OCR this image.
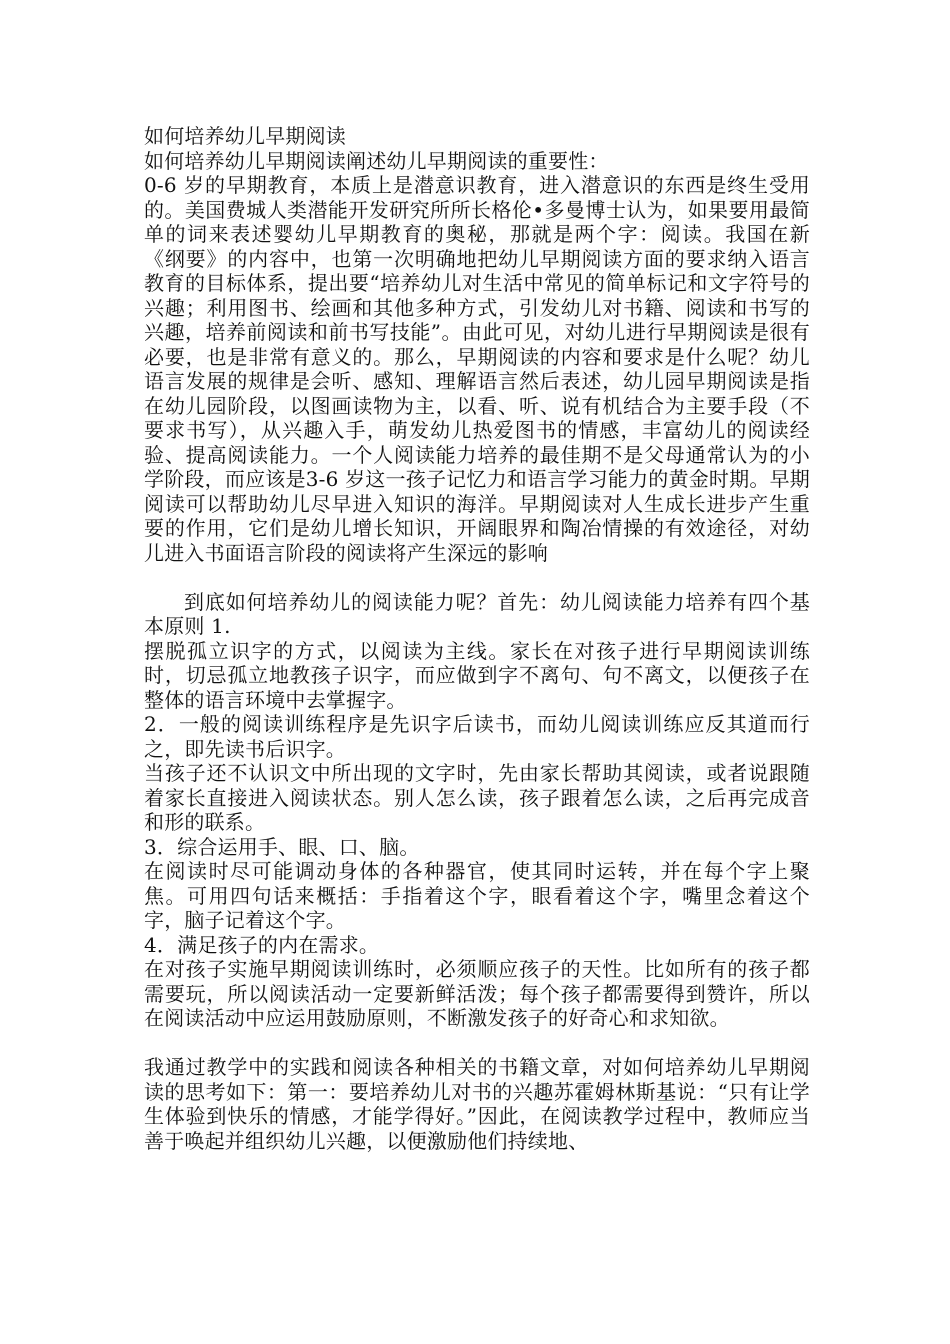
如何培养幼儿早期阅读

如何培养幼儿早期阅读阐述幼儿早期阅读的重要性：

0-6 岁的早期教育，本质上是潜意识教育，进入潜意识的东西是终生受用的。美国费城人类潜能开发研究所所长格伦•多曼博士认为，如果要用最简单的词来表述婴幼儿早期教育的奥秘，那就是两个字：阅读。我国在新《纲要》的内容中，也第一次明确地把幼儿早期阅读方面的要求纳入语言教育的目标体系，提出要“培养幼儿对生活中常见的简单标记和文字符号的兴趣；利用图书、绘画和其他多种方式，引发幼儿对书籍、阅读和书写的兴趣，培养前阅读和前书写技能”。由此可见，对幼儿进行早期阅读是很有必要，也是非常有意义的。那么，早期阅读的内容和要求是什么呢？幼儿语言发展的规律是会听、感知、理解语言然后表述，幼儿园早期阅读是指在幼儿园阶段，以图画读物为主，以看、听、说有机结合为主要手段（不要求书写），从兴趣入手，萌发幼儿热爱图书的情感，丰富幼儿的阅读经验、提高阅读能力。一个人阅读能力培养的最佳期不是父母通常认为的小学阶段，而应该是3-6 岁这一孩子记忆力和语言学习能力的黄金时期。早期阅读可以帮助幼儿尽早进入知识的海洋。早期阅读对人生成长进步产生重要的作用，它们是幼儿增长知识，开阔眼界和陶冶情操的有效途径，对幼儿进入书面语言阶段的阅读将产生深远的影响

到底如何培养幼儿的阅读能力呢？首先：幼儿阅读能力培养有四个基本原则 1.

摆脱孤立识字的方式，以阅读为主线。家长在对孩子进行早期阅读训练时，切忌孤立地教孩子识字，而应做到字不离句、句不离文，以便孩子在整体的语言环境中去掌握字。

2．一般的阅读训练程序是先识字后读书，而幼儿阅读训练应反其道而行之，即先读书后识字。

当孩子还不认识文中所出现的文字时，先由家长帮助其阅读，或者说跟随着家长直接进入阅读状态。别人怎么读，孩子跟着怎么读，之后再完成音和形的联系。

3．综合运用手、眼、口、脑。

在阅读时尽可能调动身体的各种器官，使其同时运转，并在每个字上聚焦。可用四句话来概括：手指着这个字，眼看着这个字，嘴里念着这个字，脑子记着这个字。

4．满足孩子的内在需求。

在对孩子实施早期阅读训练时，必须顺应孩子的天性。比如所有的孩子都需要玩，所以阅读活动一定要新鲜活泼；每个孩子都需要得到赞许，所以在阅读活动中应运用鼓励原则，不断激发孩子的好奇心和求知欲。

我通过教学中的实践和阅读各种相关的书籍文章，对如何培养幼儿早期阅读的思考如下：第一：要培养幼儿对书的兴趣苏霍姆林斯基说：“只有让学生体验到快乐的情感，才能学得好。”因此，在阅读教学过程中，教师应当善于唤起并组织幼儿兴趣，以便激励他们持续地、
